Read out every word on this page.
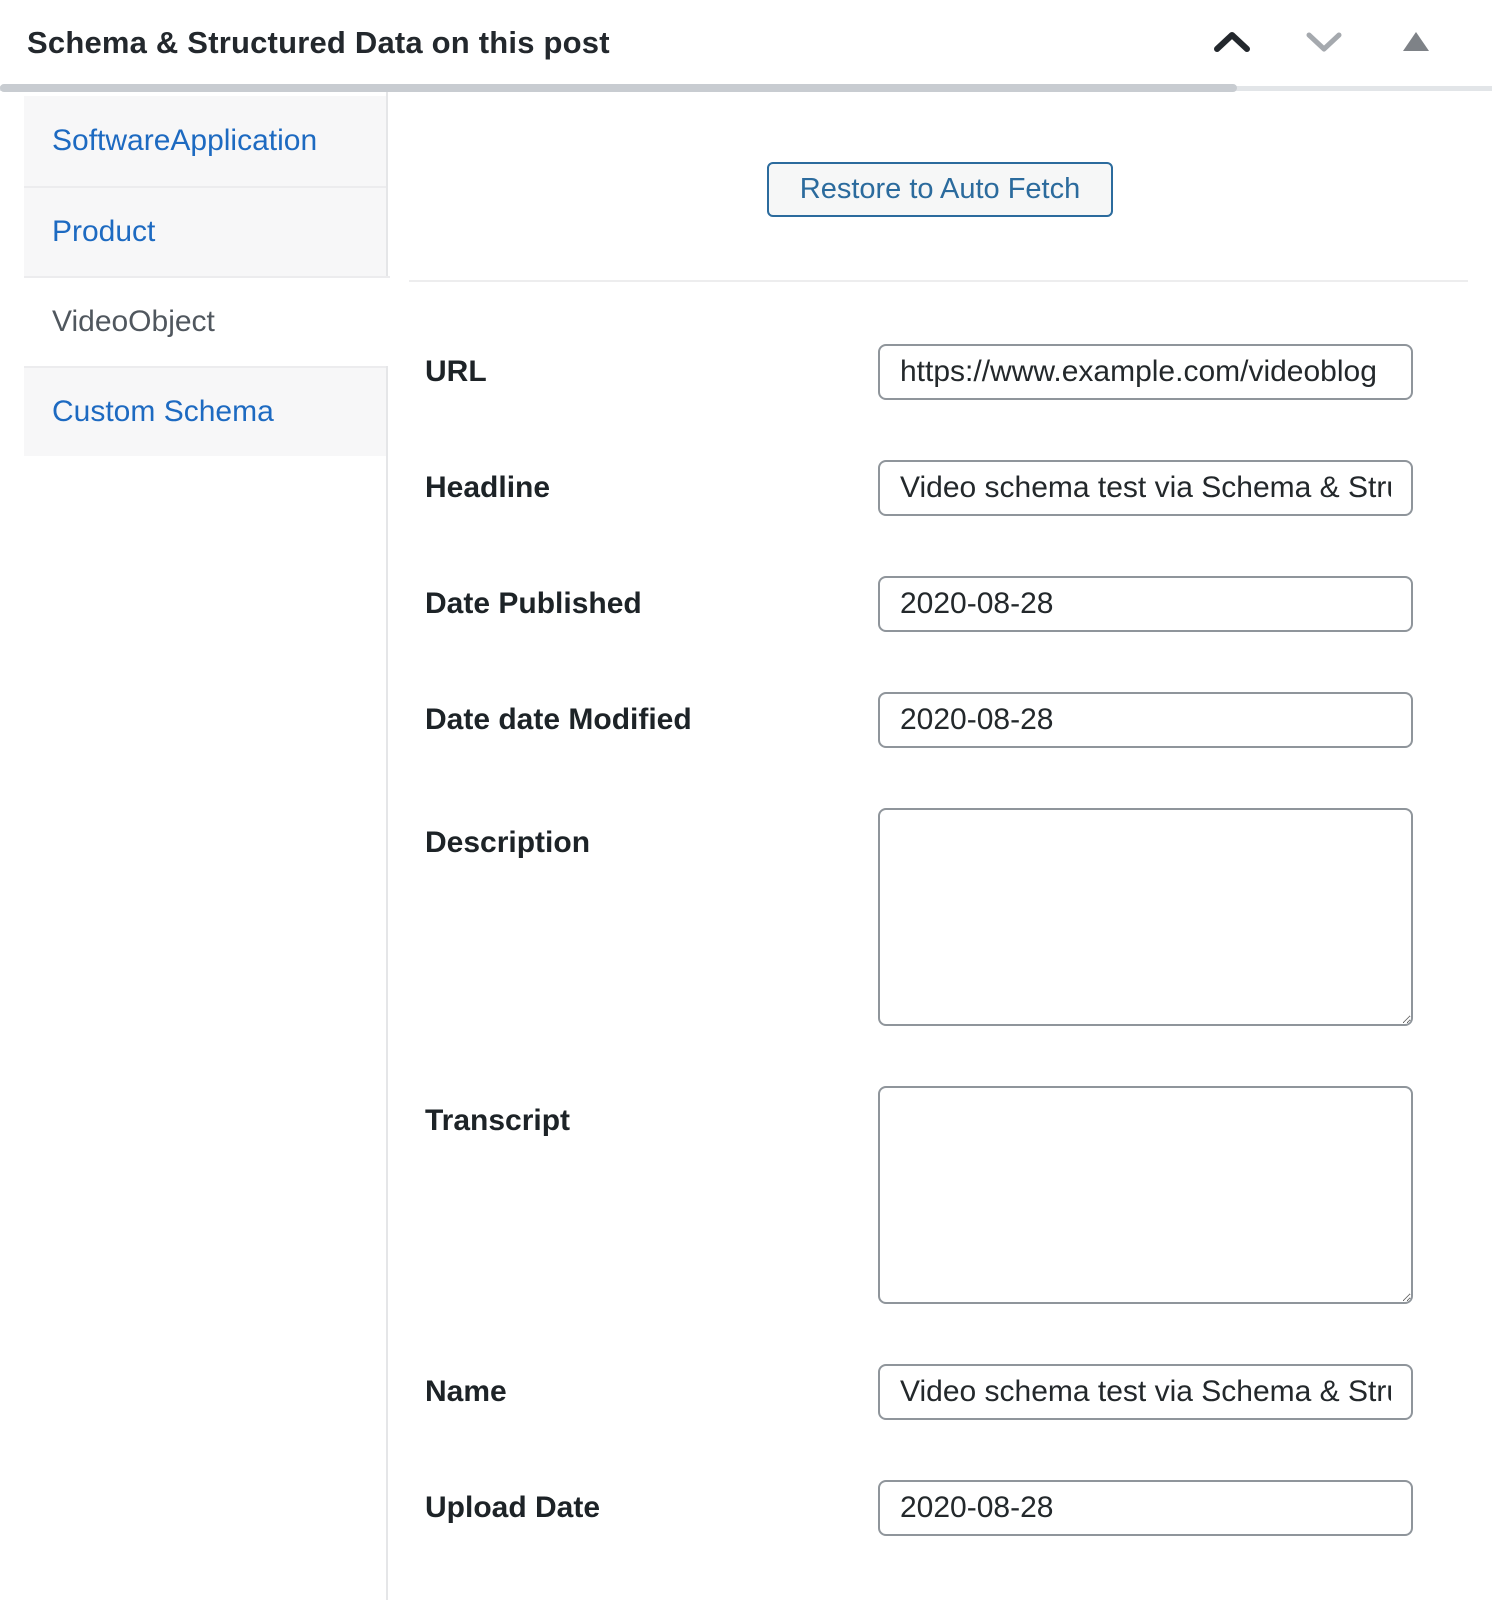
Schema & Structured Data on this post
SoftwareApplication
Product
VideoObject
Custom Schema
Restore to Auto Fetch
URL
https://www.example.com/videoblog
Headline
Video schema test via Schema & Struct
Date Published
2020-08-28
Date date Modified
2020-08-28
Description
Transcript
Name
Video schema test via Schema & Struct
Upload Date
2020-08-28
